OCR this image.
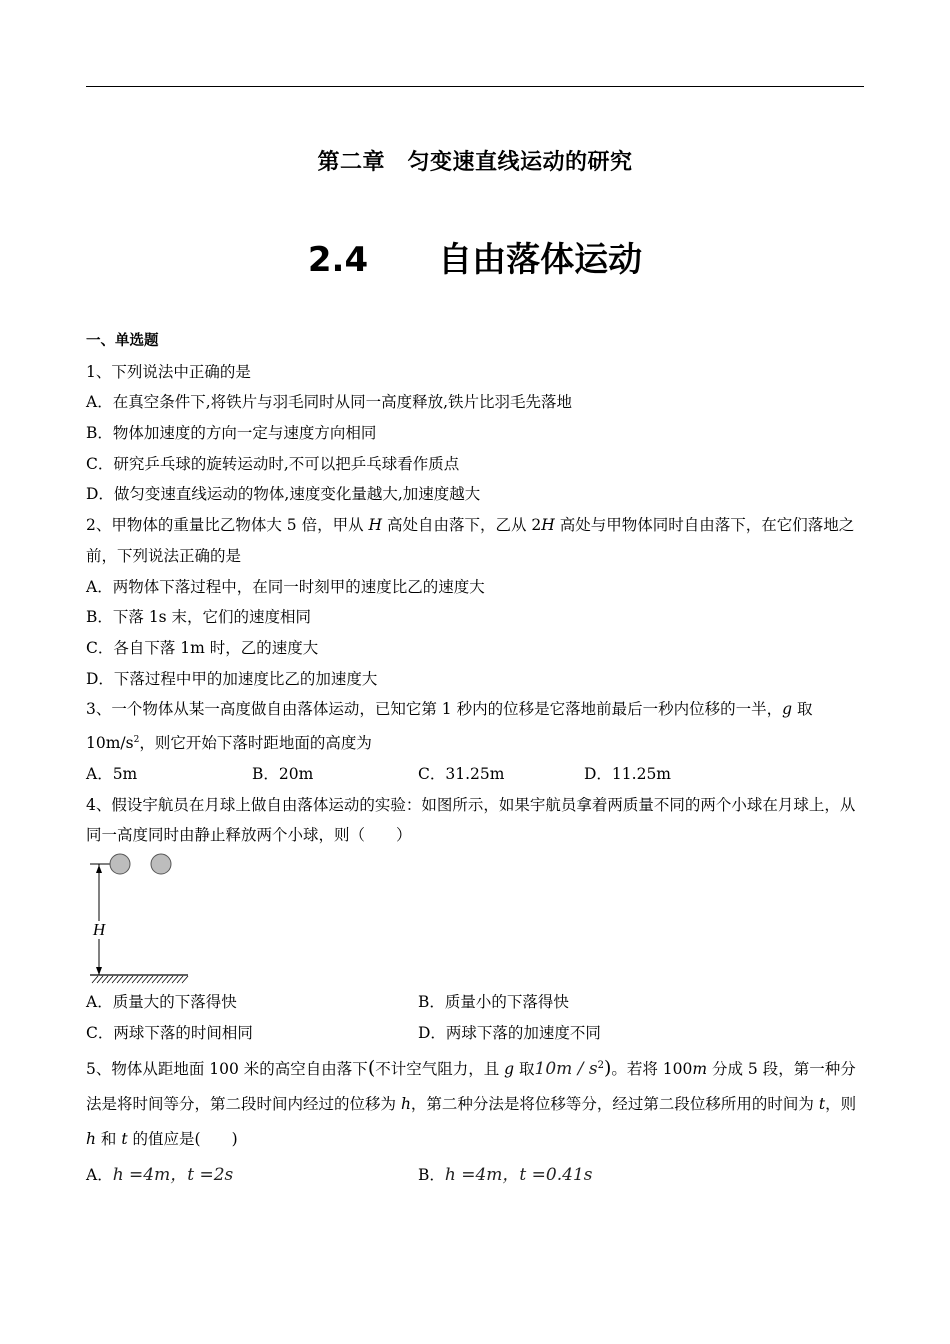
第二章　匀变速直线运动的研究
2.4 自由落体运动
一、单选题
1、下列说法中正确的是
A．在真空条件下,将铁片与羽毛同时从同一高度释放,铁片比羽毛先落地
B．物体加速度的方向一定与速度方向相同
C．研究乒乓球的旋转运动时,不可以把乒乓球看作质点
D．做匀变速直线运动的物体,速度变化量越大,加速度越大
2、甲物体的重量比乙物体大 5 倍，甲从 H 高处自由落下，乙从 2H 高处与甲物体同时自由落下，在它们落地之前，下列说法正确的是
A．两物体下落过程中，在同一时刻甲的速度比乙的速度大
B．下落 1s 末，它们的速度相同
C．各自下落 1m 时，乙的速度大
D．下落过程中甲的加速度比乙的加速度大
3、一个物体从某一高度做自由落体运动，已知它第 1 秒内的位移是它落地前最后一秒内位移的一半，g 取
$10m/s^2$，则它开始下落时距地面的高度为
A．5m	B．20m	C．31.25m	D．11.25m
4、假设宇航员在月球上做自由落体运动的实验：如图所示，如果宇航员拿着两质量不同的两个小球在月球上，从同一高度同时由静止释放两个小球，则（　　）
H
A．质量大的下落得快	B．质量小的下落得快
C．两球下落的时间相同	D．两球下落的加速度不同
5、物体从距地面 100 米的高空自由落下(不计空气阻力，且 g 取$10m / s^2$)。若将 100m 分成 5 段，第一种分法是将时间等分，第二段时间内经过的位移为 h，第二种分法是将位移等分，经过第二段位移所用的时间为 t，则 h 和 t 的值应是(　　)
A．h =4m，t =2s	B．h =4m，t =0.41s
